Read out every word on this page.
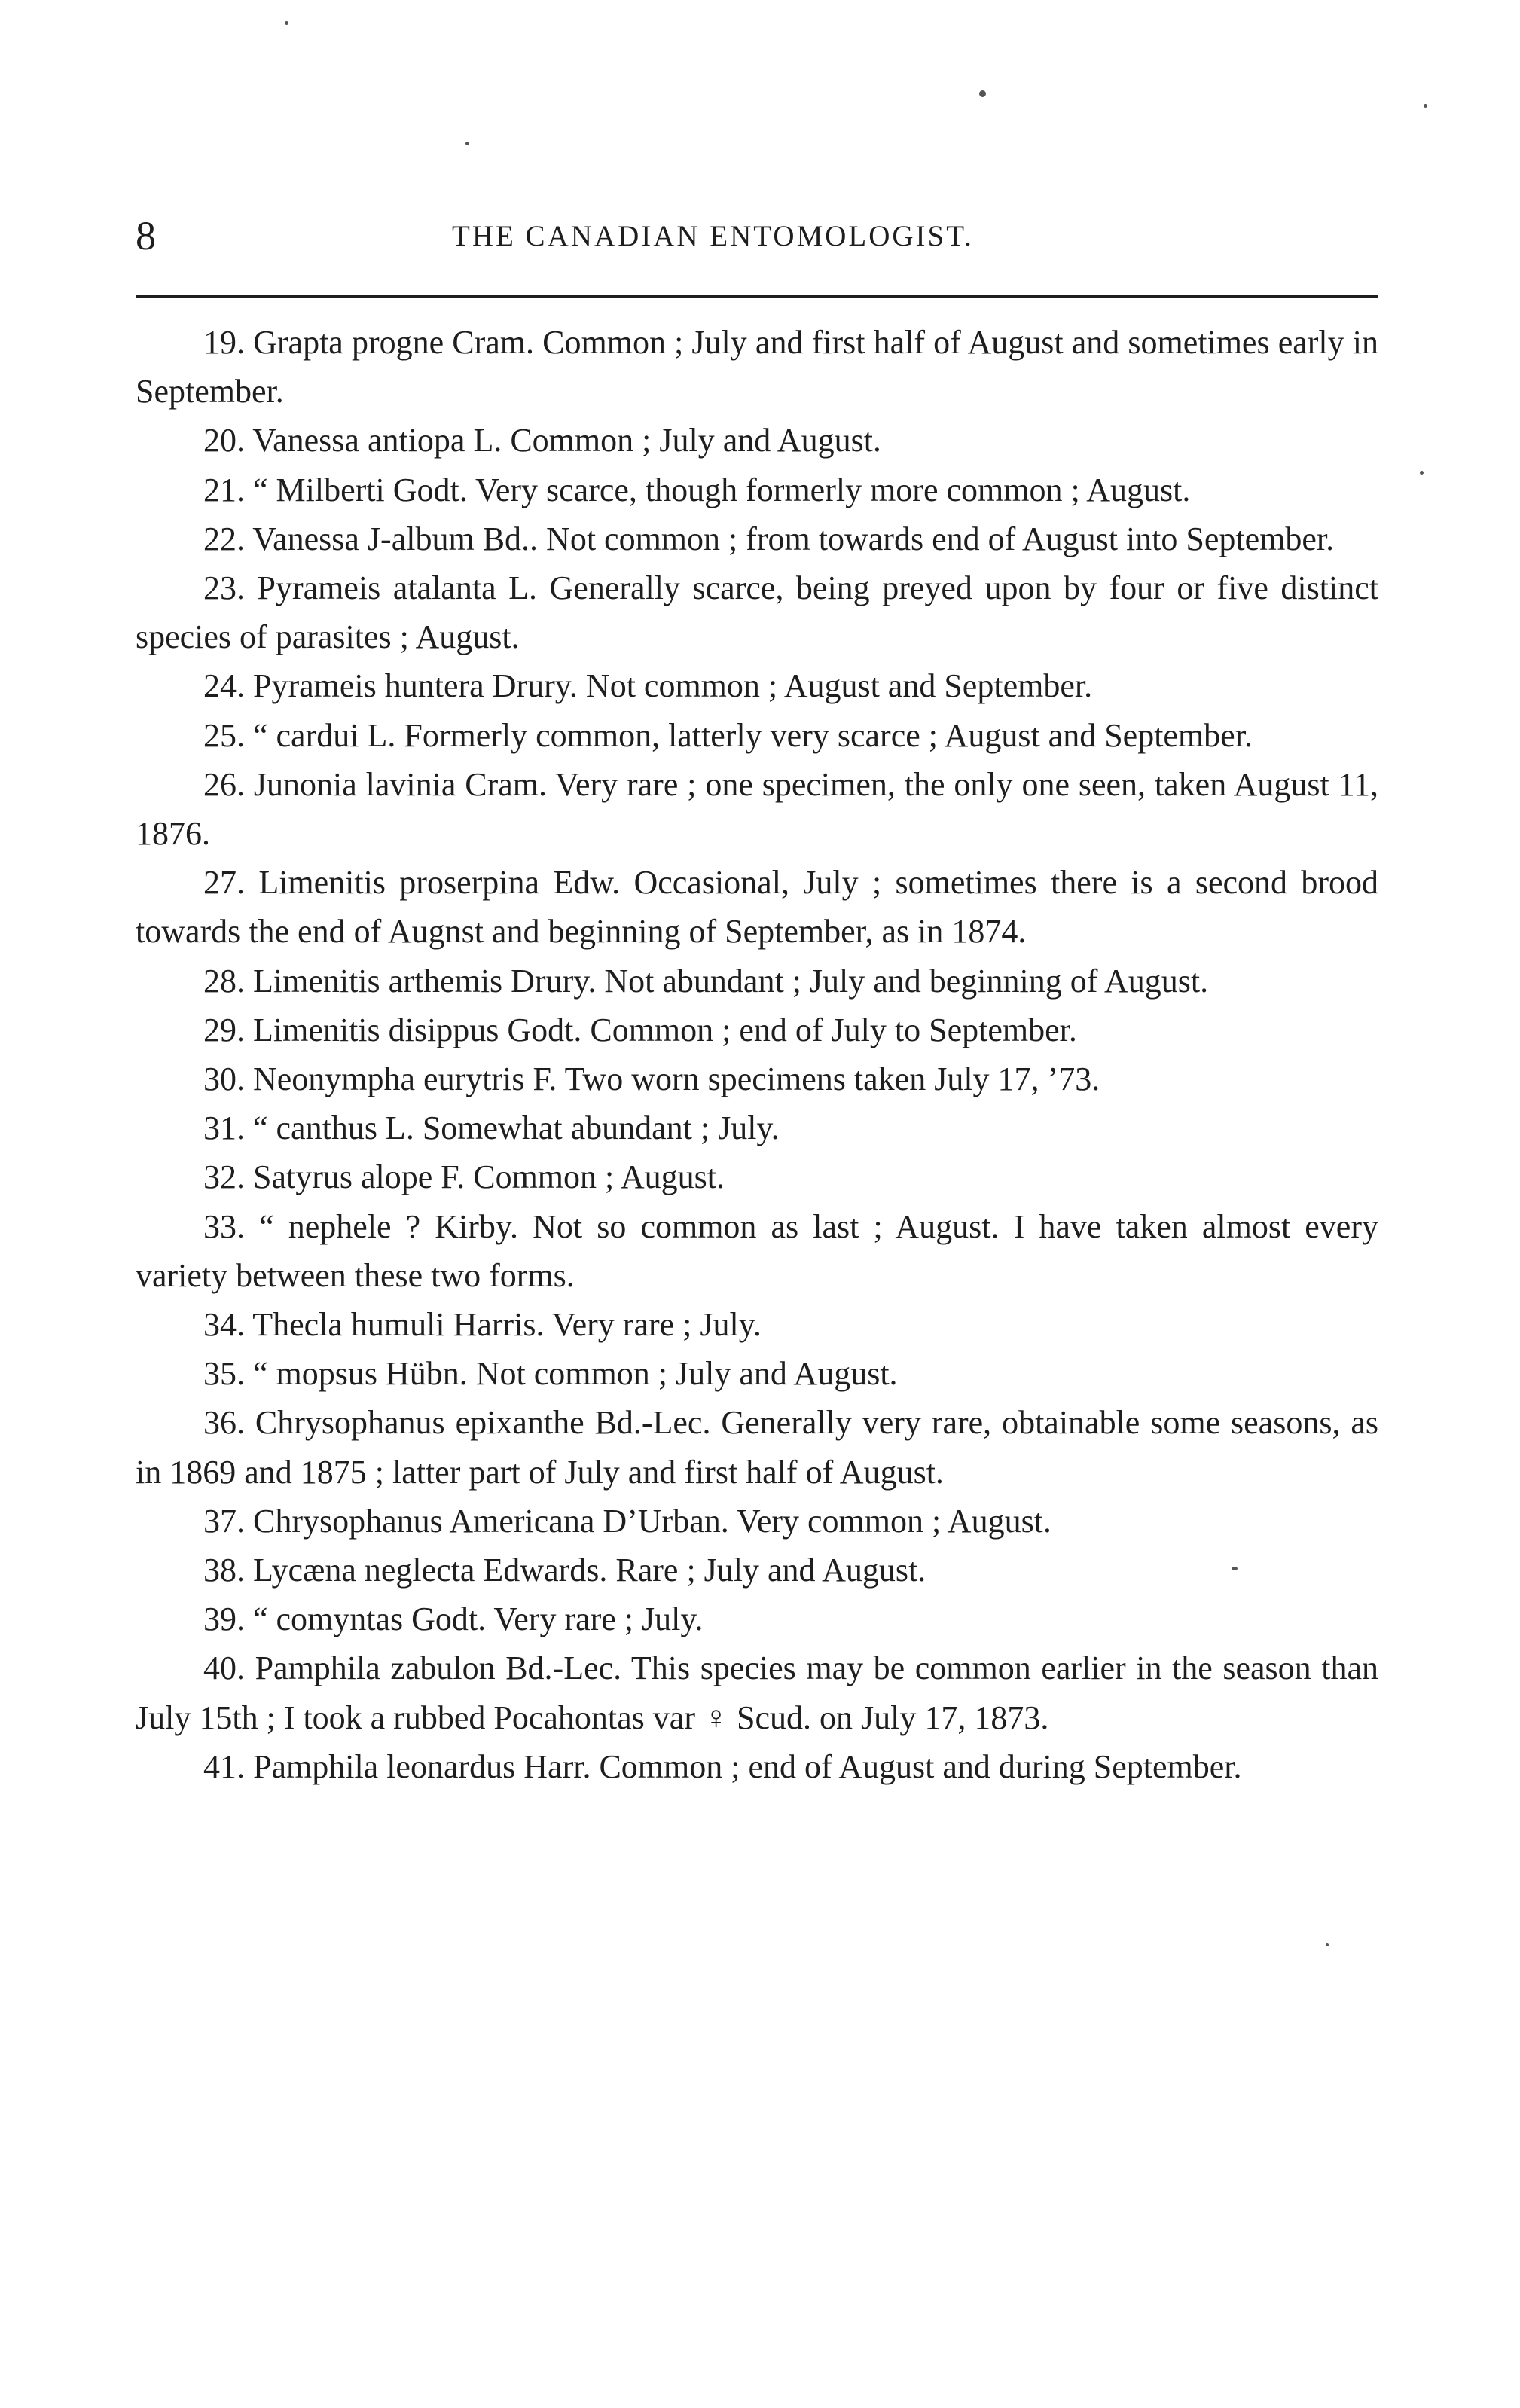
8	THE CANADIAN ENTOMOLOGIST.

19. Grapta progne Cram. Common ; July and first half of August and sometimes early in September.

20. Vanessa antiopa L. Common ; July and August.

21. “ Milberti Godt. Very scarce, though formerly more common ; August.

22. Vanessa J-album Bd.. Not common ; from towards end of August into September.

23. Pyrameis atalanta L. Generally scarce, being preyed upon by four or five distinct species of parasites ; August.

24. Pyrameis huntera Drury. Not common ; August and September.

25. “ cardui L. Formerly common, latterly very scarce ; August and September.

26. Junonia lavinia Cram. Very rare ; one specimen, the only one seen, taken August 11, 1876.

27. Limenitis proserpina Edw. Occasional, July ; sometimes there is a second brood towards the end of Augnst and beginning of September, as in 1874.

28. Limenitis arthemis Drury. Not abundant ; July and beginning of August.

29. Limenitis disippus Godt. Common ; end of July to September.

30. Neonympha eurytris F. Two worn specimens taken July 17, ’73.

31. “ canthus L. Somewhat abundant ; July.

32. Satyrus alope F. Common ; August.

33. “ nephele ? Kirby. Not so common as last ; August. I have taken almost every variety between these two forms.

34. Thecla humuli Harris. Very rare ; July.

35. “ mopsus Hübn. Not common ; July and August.

36. Chrysophanus epixanthe Bd.-Lec. Generally very rare, obtainable some seasons, as in 1869 and 1875 ; latter part of July and first half of August.

37. Chrysophanus Americana D’Urban. Very common ; August.

38. Lycæna neglecta Edwards. Rare ; July and August.

39. “ comyntas Godt. Very rare ; July.

40. Pamphila zabulon Bd.-Lec. This species may be common earlier in the season than July 15th ; I took a rubbed Pocahontas var ♀ Scud. on July 17, 1873.

41. Pamphila leonardus Harr. Common ; end of August and during September.
